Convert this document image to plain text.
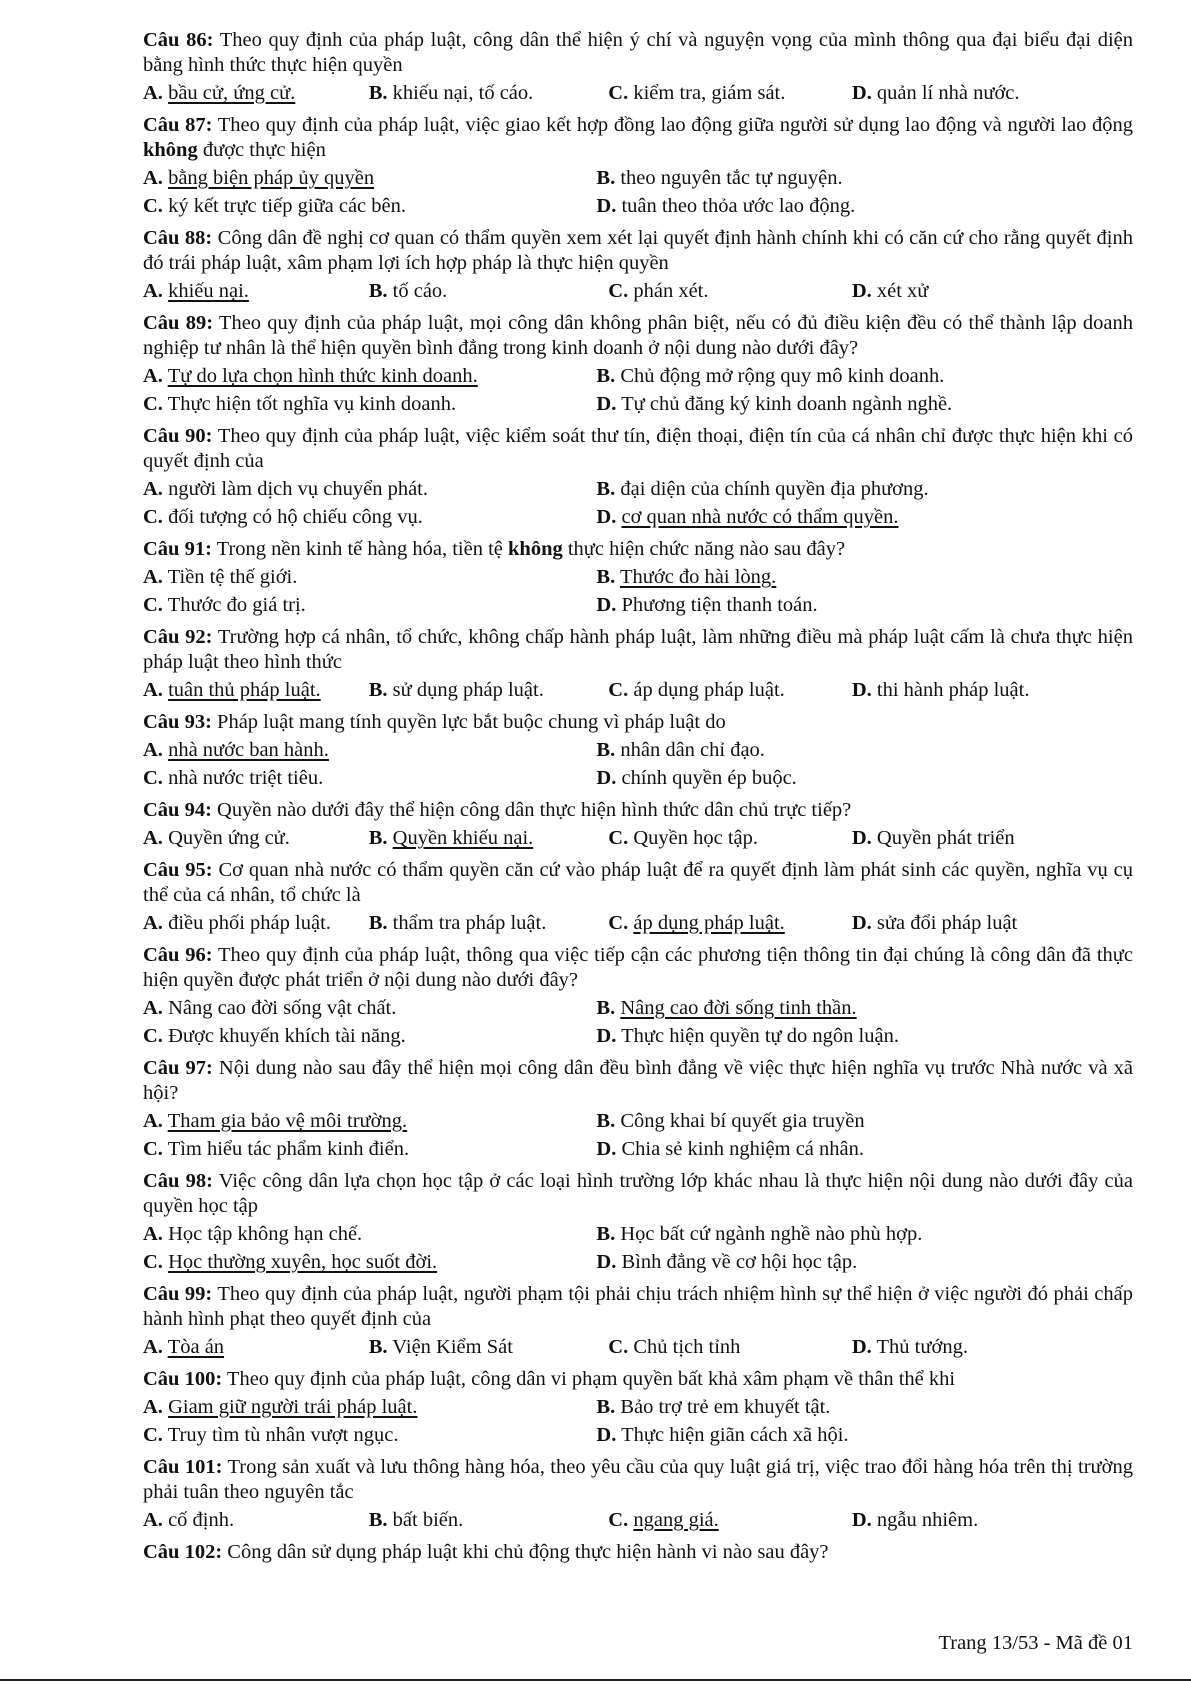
Câu 86: Theo quy định của pháp luật, công dân thể hiện ý chí và nguyện vọng của mình thông qua đại biểu đại diện bằng hình thức thực hiện quyền
A. bầu cử, ứng cử.	B. khiếu nại, tố cáo.	C. kiểm tra, giám sát.	D. quản lí nhà nước.
Câu 87: Theo quy định của pháp luật, việc giao kết hợp đồng lao động giữa người sử dụng lao động và người lao động không được thực hiện
A. bằng biện pháp ủy quyền	B. theo nguyên tắc tự nguyện.
C. ký kết trực tiếp giữa các bên.	D. tuân theo thỏa ước lao động.
Câu 88: Công dân đề nghị cơ quan có thẩm quyền xem xét lại quyết định hành chính khi có căn cứ cho rằng quyết định đó trái pháp luật, xâm phạm lợi ích hợp pháp là thực hiện quyền
A. khiếu nại.	B. tố cáo.	C. phán xét.	D. xét xử
Câu 89: Theo quy định của pháp luật, mọi công dân không phân biệt, nếu có đủ điều kiện đều có thể thành lập doanh nghiệp tư nhân là thể hiện quyền bình đẳng trong kinh doanh ở nội dung nào dưới đây?
A. Tự do lựa chọn hình thức kinh doanh.	B. Chủ động mở rộng quy mô kinh doanh.
C. Thực hiện tốt nghĩa vụ kinh doanh.	D. Tự chủ đăng ký kinh doanh ngành nghề.
Câu 90: Theo quy định của pháp luật, việc kiểm soát thư tín, điện thoại, điện tín của cá nhân chỉ được thực hiện khi có quyết định của
A. người làm dịch vụ chuyển phát.	B. đại diện của chính quyền địa phương.
C. đối tượng có hộ chiếu công vụ.	D. cơ quan nhà nước có thẩm quyền.
Câu 91: Trong nền kinh tế hàng hóa, tiền tệ không thực hiện chức năng nào sau đây?
A. Tiền tệ thế giới.	B. Thước đo hài lòng.
C. Thước đo giá trị.	D. Phương tiện thanh toán.
Câu 92: Trường hợp cá nhân, tổ chức, không chấp hành pháp luật, làm những điều mà pháp luật cấm là chưa thực hiện pháp luật theo hình thức
A. tuân thủ pháp luật.	B. sử dụng pháp luật.	C. áp dụng pháp luật.	D. thi hành pháp luật.
Câu 93: Pháp luật mang tính quyền lực bắt buộc chung vì pháp luật do
A. nhà nước ban hành.	B. nhân dân chỉ đạo.
C. nhà nước triệt tiêu.	D. chính quyền ép buộc.
Câu 94: Quyền nào dưới đây thể hiện công dân thực hiện hình thức dân chủ trực tiếp?
A. Quyền ứng cử.	B. Quyền khiếu nại.	C. Quyền học tập.	D. Quyền phát triển
Câu 95: Cơ quan nhà nước có thẩm quyền căn cứ vào pháp luật để ra quyết định làm phát sinh các quyền, nghĩa vụ cụ thể của cá nhân, tổ chức là
A. điều phối pháp luật.	B. thẩm tra pháp luật.	C. áp dụng pháp luật.	D. sửa đổi pháp luật
Câu 96: Theo quy định của pháp luật, thông qua việc tiếp cận các phương tiện thông tin đại chúng là công dân đã thực hiện quyền được phát triển ở nội dung nào dưới đây?
A. Nâng cao đời sống vật chất.	B. Nâng cao đời sống tinh thần.
C. Được khuyến khích tài năng.	D. Thực hiện quyền tự do ngôn luận.
Câu 97: Nội dung nào sau đây thể hiện mọi công dân đều bình đẳng về việc thực hiện nghĩa vụ trước Nhà nước và xã hội?
A. Tham gia bảo vệ môi trường.	B. Công khai bí quyết gia truyền
C. Tìm hiểu tác phẩm kinh điển.	D. Chia sẻ kinh nghiệm cá nhân.
Câu 98: Việc công dân lựa chọn học tập ở các loại hình trường lớp khác nhau là thực hiện nội dung nào dưới đây của quyền học tập
A. Học tập không hạn chế.	B. Học bất cứ ngành nghề nào phù hợp.
C. Học thường xuyên, học suốt đời.	D. Bình đẳng về cơ hội học tập.
Câu 99: Theo quy định của pháp luật, người phạm tội phải chịu trách nhiệm hình sự thể hiện ở việc người đó phải chấp hành hình phạt theo quyết định của
A. Tòa án	B. Viện Kiểm Sát	C. Chủ tịch tỉnh	D. Thủ tướng.
Câu 100: Theo quy định của pháp luật, công dân vi phạm quyền bất khả xâm phạm về thân thể khi
A. Giam giữ người trái pháp luật.	B. Bảo trợ trẻ em khuyết tật.
C. Truy tìm tù nhân vượt ngục.	D. Thực hiện giãn cách xã hội.
Câu 101: Trong sản xuất và lưu thông hàng hóa, theo yêu cầu của quy luật giá trị, việc trao đổi hàng hóa trên thị trường phải tuân theo nguyên tắc
A. cố định.	B. bất biến.	C. ngang giá.	D. ngẫu nhiêm.
Câu 102: Công dân sử dụng pháp luật khi chủ động thực hiện hành vi nào sau đây?
Trang 13/53 - Mã đề 01
